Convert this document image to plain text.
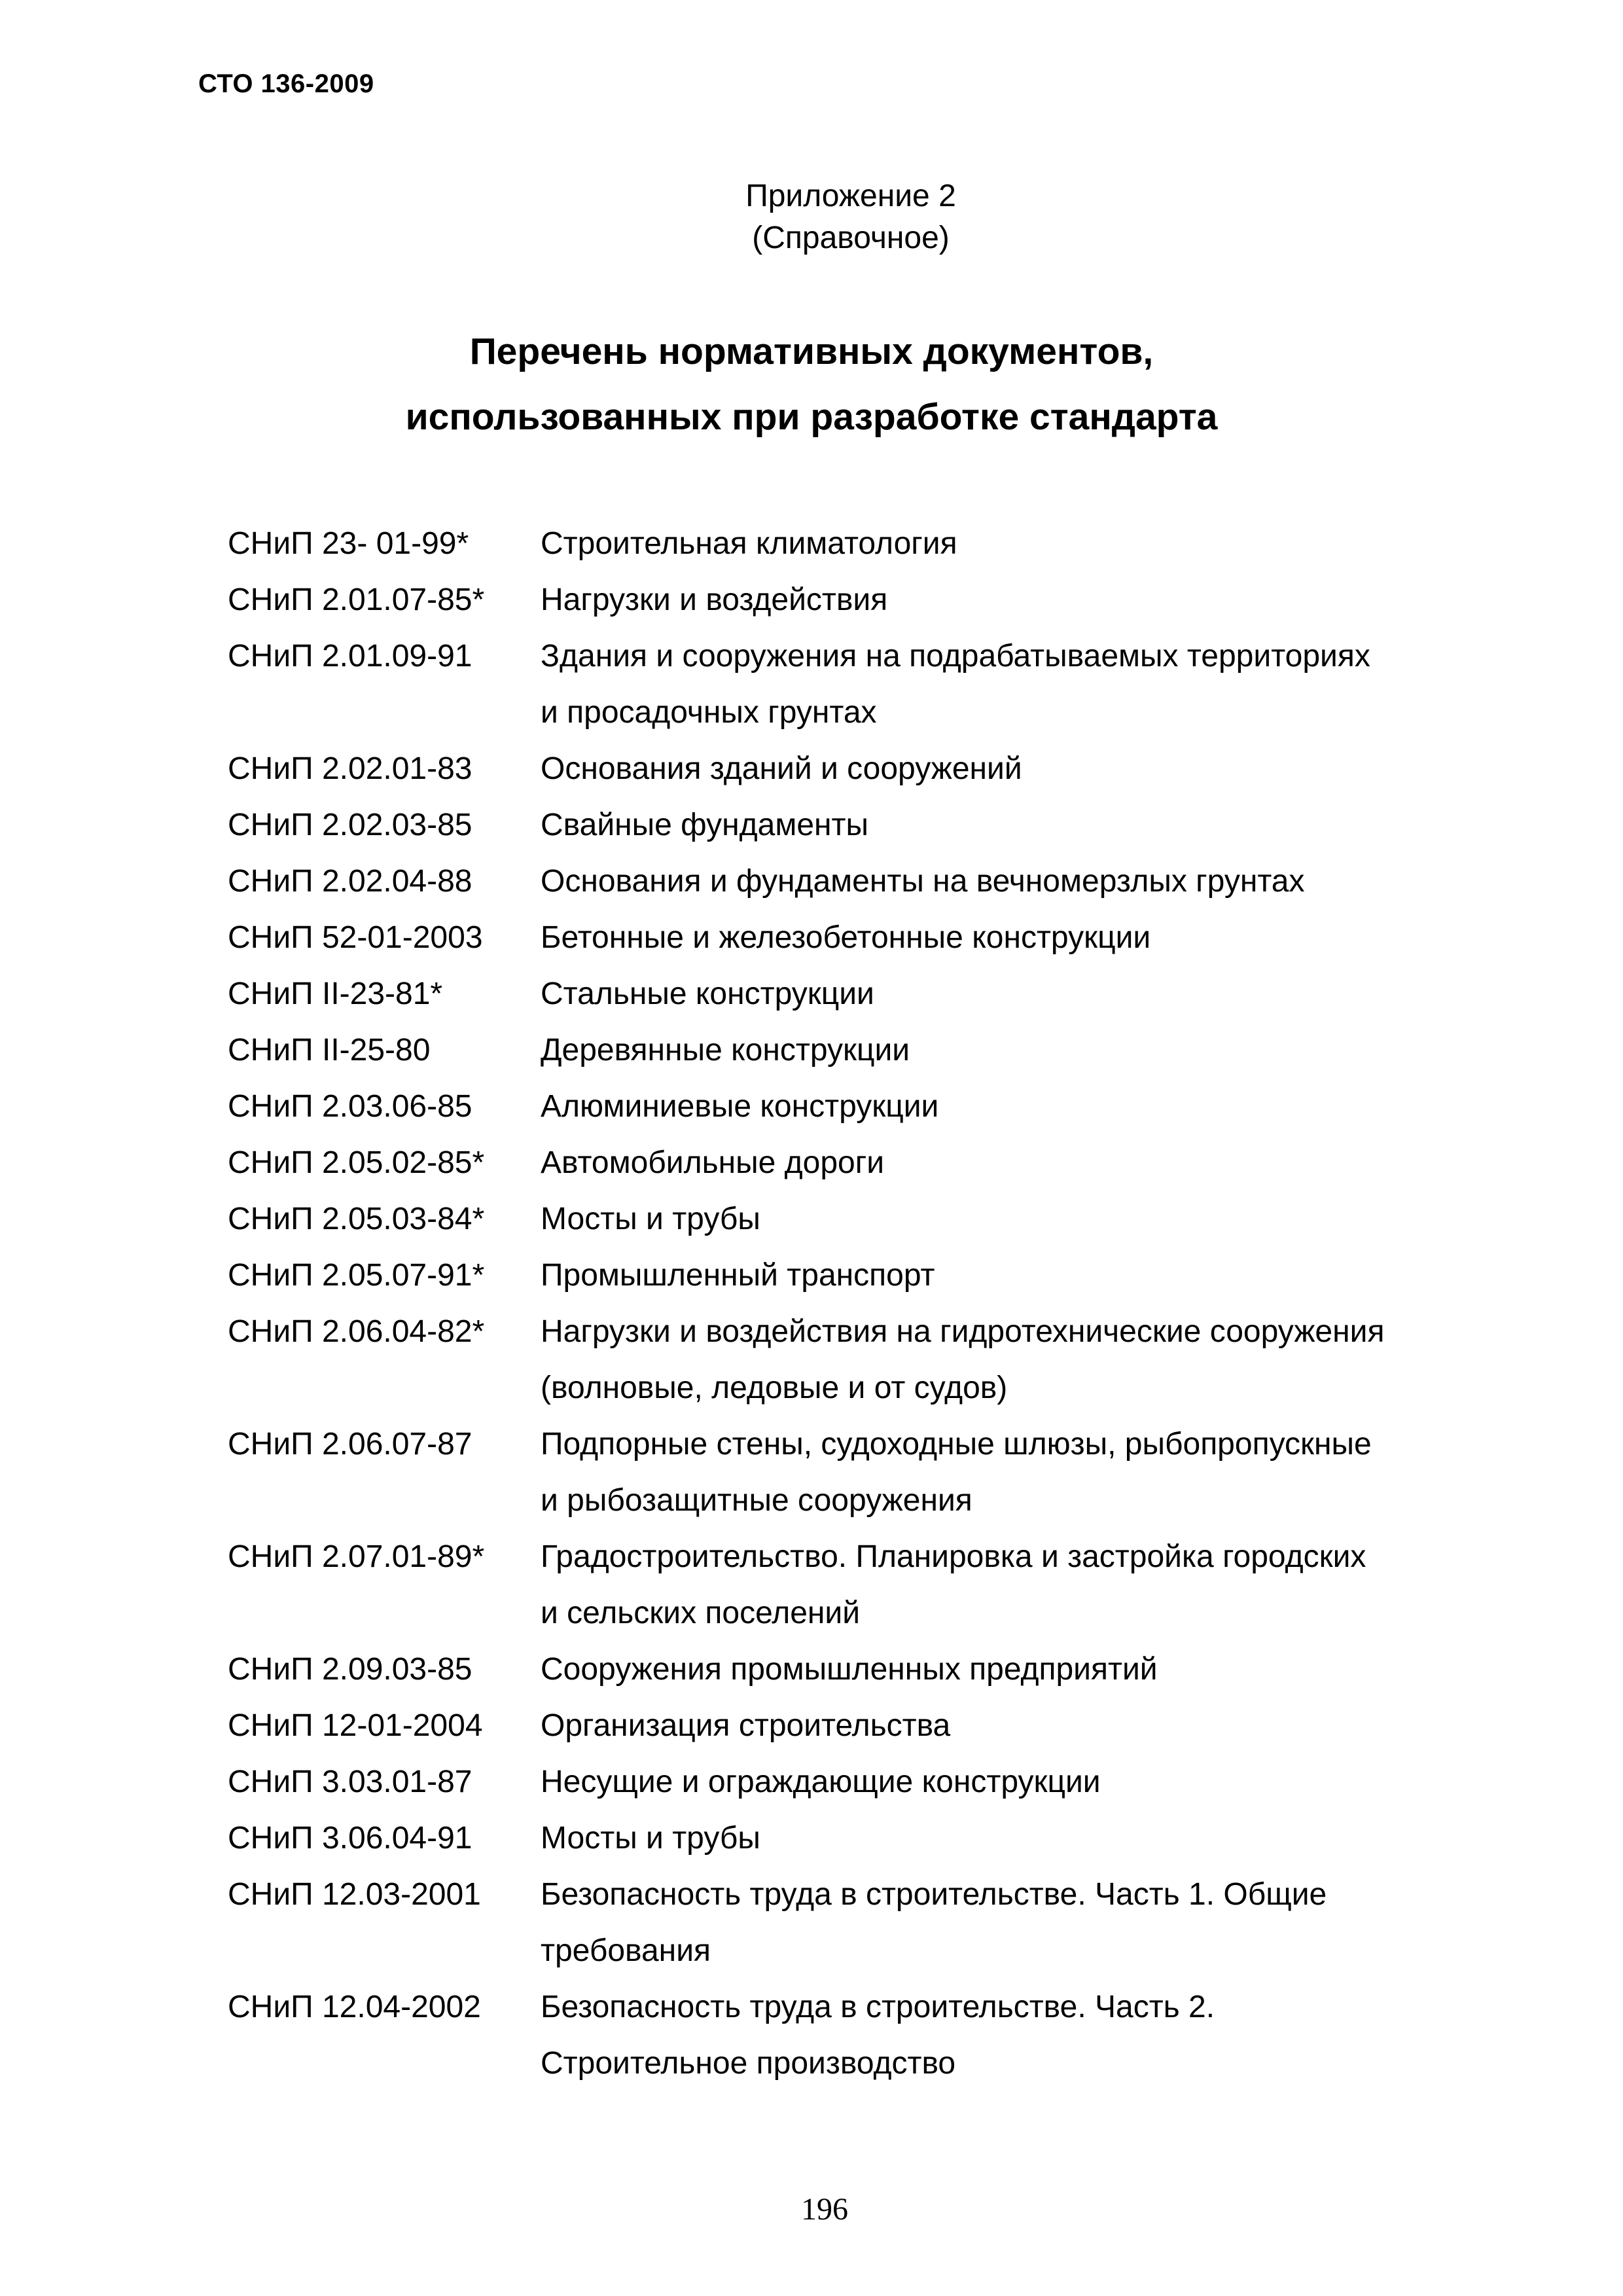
СТО 136-2009
Приложение 2
(Справочное)
Перечень нормативных документов,
использованных при разработке стандарта
СНиП 23- 01-99* Строительная климатология
СНиП 2.01.07-85* Нагрузки и воздействия
СНиП 2.01.09-91 Здания и сооружения на подрабатываемых территориях
и просадочных грунтах
СНиП 2.02.01-83 Основания зданий и сооружений
СНиП 2.02.03-85 Свайные фундаменты
СНиП 2.02.04-88 Основания и фундаменты на вечномерзлых грунтах
СНиП 52-01-2003 Бетонные и железобетонные конструкции
СНиП II-23-81*	Стальные конструкции
СНиП II-25-80	Деревянные конструкции
СНиП 2.03.06-85 Алюминиевые конструкции
СНиП 2.05.02-85* Автомобильные дороги
СНиП 2.05.03-84* Мосты и трубы
СНиП 2.05.07-91* Промышленный транспорт
СНиП 2.06.04-82* Нагрузки и воздействия на гидротехнические сооружения
(волновые, ледовые и от судов)
СНиП 2.06.07-87 Подпорные стены, судоходные шлюзы, рыбопропускные
и рыбозащитные сооружения
СНиП 2.07.01-89* Градостроительство. Планировка и застройка городских
и сельских поселений
СНиП 2.09.03-85 Сооружения промышленных предприятий
СНиП 12-01-2004 Организация строительства
СНиП 3.03.01-87 Несущие и ограждающие конструкции
СНиП 3.06.04-91 Мосты и трубы
СНиП 12.03-2001 Безопасность труда в строительстве. Часть 1. Общие
требования
СНиП 12.04-2002 Безопасность труда в строительстве. Часть 2.
Строительное производство
196
